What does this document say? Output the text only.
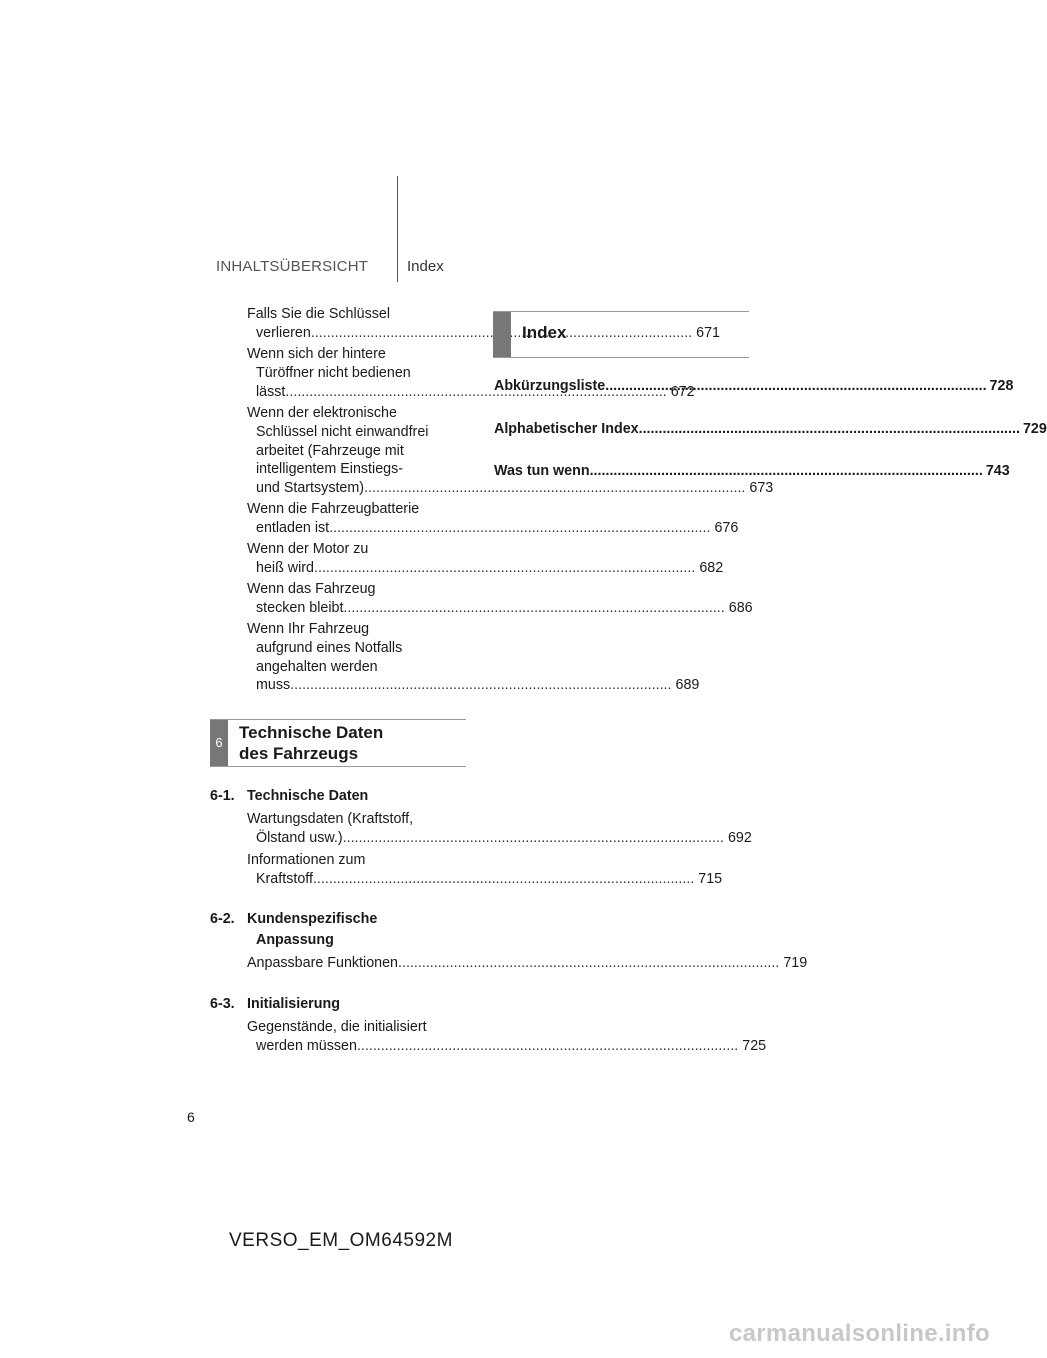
INHALTSÜBERSICHT	Index
Falls Sie die Schlüssel
verlieren .....	671
Wenn sich der hintere
Türöffner nicht bedienen
lässt .....	672
Wenn der elektronische
Schlüssel nicht einwandfrei
arbeitet (Fahrzeuge mit
intelligentem Einstiegs-
und Startsystem) .....	673
Wenn die Fahrzeugbatterie
entladen ist .....	676
Wenn der Motor zu
heiß wird .....	682
Wenn das Fahrzeug
stecken bleibt .....	686
Wenn Ihr Fahrzeug
aufgrund eines Notfalls
angehalten werden
muss .....	689
6
Technische Daten
des Fahrzeugs
6-1. Technische Daten
Wartungsdaten (Kraftstoff,
Ölstand usw.) .....	692
Informationen zum
Kraftstoff .....	715
6-2. Kundenspezifische
Anpassung
Anpassbare Funktionen .....	719
6-3. Initialisierung
Gegenstände, die initialisiert
werden müssen .....	725
Index
Abkürzungsliste .....	728
Alphabetischer Index .....	729
Was tun wenn... .....	743
6
VERSO_EM_OM64592M
carmanualsonline.info
